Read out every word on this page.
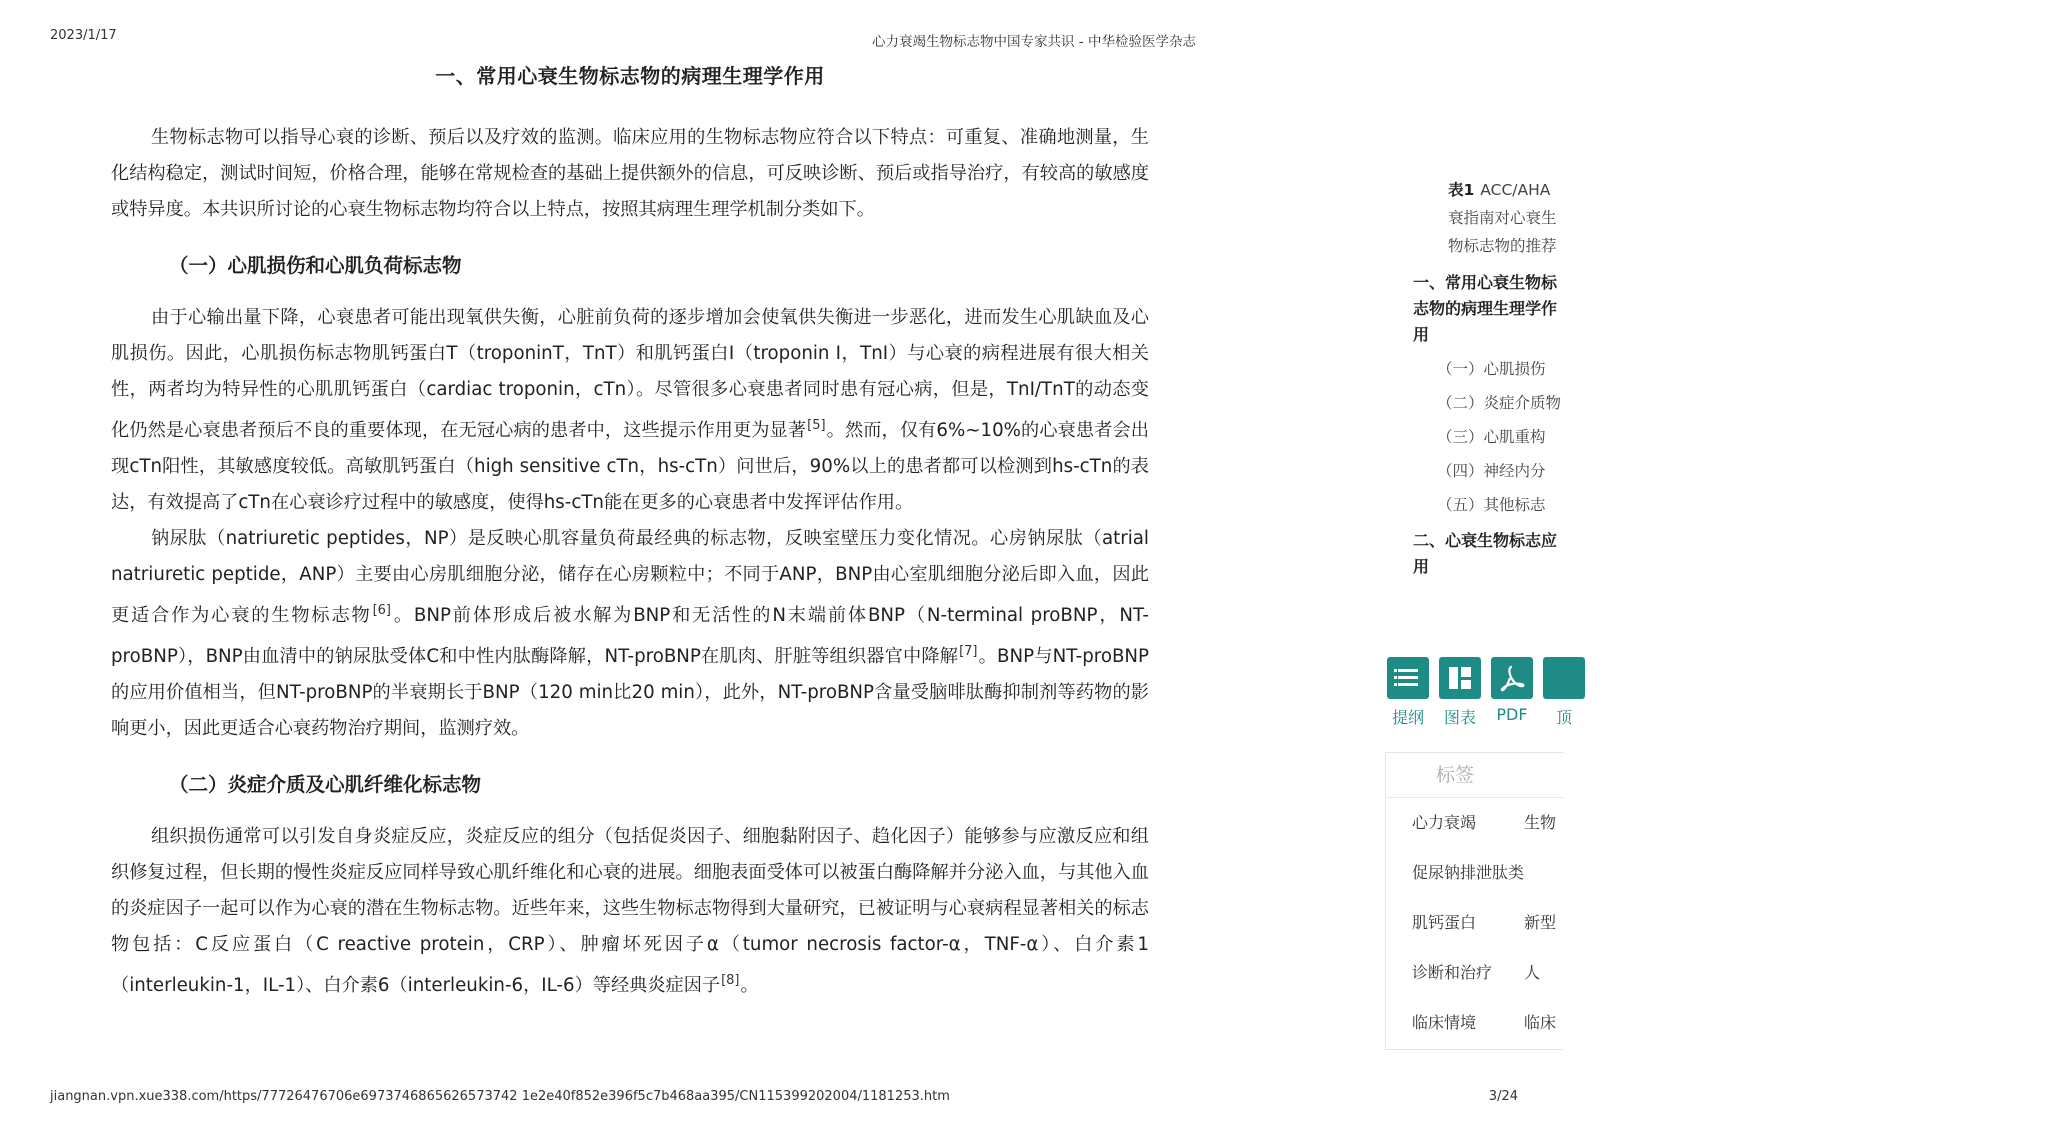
2023/1/17	心力衰竭生物标志物中国专家共识 - 中华检验医学杂志
一、常用心衰生物标志物的病理生理学作用

生物标志物可以指导心衰的诊断、预后以及疗效的监测。临床应用的生物标志物应符合以下特点：可重复、准确地测量，生化结构稳定，测试时间短，价格合理，能够在常规检查的基础上提供额外的信息，可反映诊断、预后或指导治疗，有较高的敏感度或特异度。本共识所讨论的心衰生物标志物均符合以上特点，按照其病理生理学机制分类如下。

（一）心肌损伤和心肌负荷标志物

由于心输出量下降，心衰患者可能出现氧供失衡，心脏前负荷的逐步增加会使氧供失衡进一步恶化，进而发生心肌缺血及心肌损伤。因此，心肌损伤标志物肌钙蛋白T（troponinT，TnT）和肌钙蛋白I（troponin I，TnI）与心衰的病程进展有很大相关性，两者均为特异性的心肌肌钙蛋白（cardiac troponin，cTn）。尽管很多心衰患者同时患有冠心病，但是，TnI/TnT的动态变化仍然是心衰患者预后不良的重要体现，在无冠心病的患者中，这些提示作用更为显著[5]。然而，仅有6%~10%的心衰患者会出现cTn阳性，其敏感度较低。高敏肌钙蛋白（high sensitive cTn，hs-cTn）问世后，90%以上的患者都可以检测到hs-cTn的表达，有效提高了cTn在心衰诊疗过程中的敏感度，使得hs-cTn能在更多的心衰患者中发挥评估作用。

钠尿肽（natriuretic peptides，NP）是反映心肌容量负荷最经典的标志物，反映室壁压力变化情况。心房钠尿肽（atrial natriuretic peptide，ANP）主要由心房肌细胞分泌，储存在心房颗粒中；不同于ANP，BNP由心室肌细胞分泌后即入血，因此更适合作为心衰的生物标志物[6]。BNP前体形成后被水解为BNP和无活性的N末端前体BNP（N-terminal proBNP，NT-proBNP），BNP由血清中的钠尿肽受体C和中性内肽酶降解，NT-proBNP在肌肉、肝脏等组织器官中降解[7]。BNP与NT-proBNP的应用价值相当，但NT-proBNP的半衰期长于BNP（120 min比20 min），此外，NT-proBNP含量受脑啡肽酶抑制剂等药物的影响更小，因此更适合心衰药物治疗期间，监测疗效。

（二）炎症介质及心肌纤维化标志物

组织损伤通常可以引发自身炎症反应，炎症反应的组分（包括促炎因子、细胞黏附因子、趋化因子）能够参与应激反应和组织修复过程，但长期的慢性炎症反应同样导致心肌纤维化和心衰的进展。细胞表面受体可以被蛋白酶降解并分泌入血，与其他入血的炎症因子一起可以作为心衰的潜在生物标志物。近些年来，这些生物标志物得到大量研究，已被证明与心衰病程显著相关的标志物包括：C反应蛋白（C reactive protein，CRP）、肿瘤坏死因子α（tumor necrosis factor-α，TNF-α）、白介素1（interleukin-1，IL-1）、白介素6（interleukin-6，IL-6）等经典炎症因子[8]。

表1 ACC/AHA衰指南对心衰生物标志物的推荐
一、常用心衰生物标志物的病理生理学作用
（一）心肌损伤
（二）炎症介质物
（三）心肌重构
（四）神经内分
（五）其他标志
二、心衰生物标志应用
提纲	图表	PDF	顶
标签
心力衰竭	生物
促尿钠排泄肽类
肌钙蛋白	新型
诊断和治疗 人
临床情境	临床
jiangnan.vpn.xue338.com/https/77726476706e6973746865626573742 1e2e40f852e396f5c7b468aa395/CN115399202004/1181253.htm	3/24
